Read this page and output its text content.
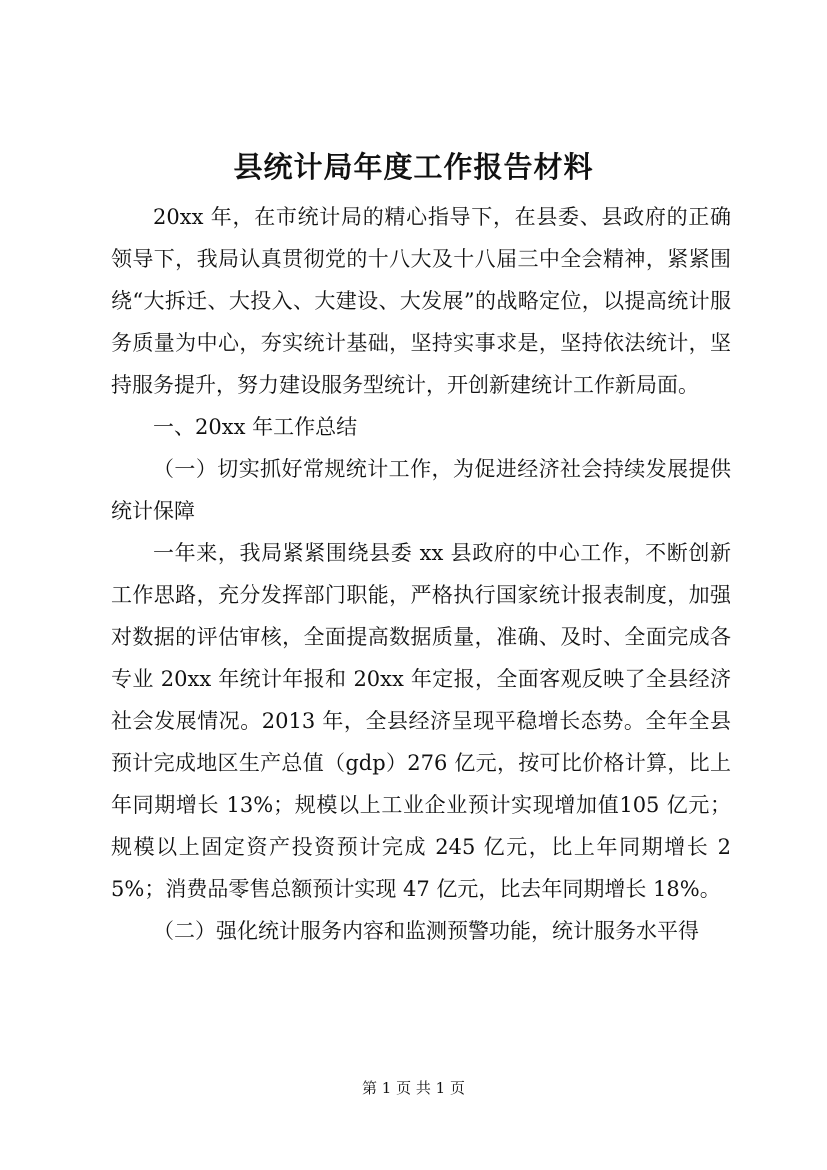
县统计局年度工作报告材料

20xx 年，在市统计局的精心指导下，在县委、县政府的正确领导下，我局认真贯彻党的十八大及十八届三中全会精神，紧紧围绕“大拆迁、大投入、大建设、大发展”的战略定位，以提高统计服务质量为中心，夯实统计基础，坚持实事求是，坚持依法统计，坚持服务提升，努力建设服务型统计，开创新建统计工作新局面。

一、20xx 年工作总结

（一）切实抓好常规统计工作，为促进经济社会持续发展提供统计保障

一年来，我局紧紧围绕县委 xx 县政府的中心工作，不断创新工作思路，充分发挥部门职能，严格执行国家统计报表制度，加强对数据的评估审核，全面提高数据质量，准确、及时、全面完成各专业 20xx 年统计年报和 20xx 年定报，全面客观反映了全县经济社会发展情况。2013 年，全县经济呈现平稳增长态势。全年全县预计完成地区生产总值（gdp）276 亿元，按可比价格计算，比上年同期增长 13%；规模以上工业企业预计实现增加值105 亿元；规模以上固定资产投资预计完成 245 亿元，比上年同期增长 25%；消费品零售总额预计实现 47 亿元，比去年同期增长 18%。

（二）强化统计服务内容和监测预警功能，统计服务水平得

第 1 页 共 1 页
